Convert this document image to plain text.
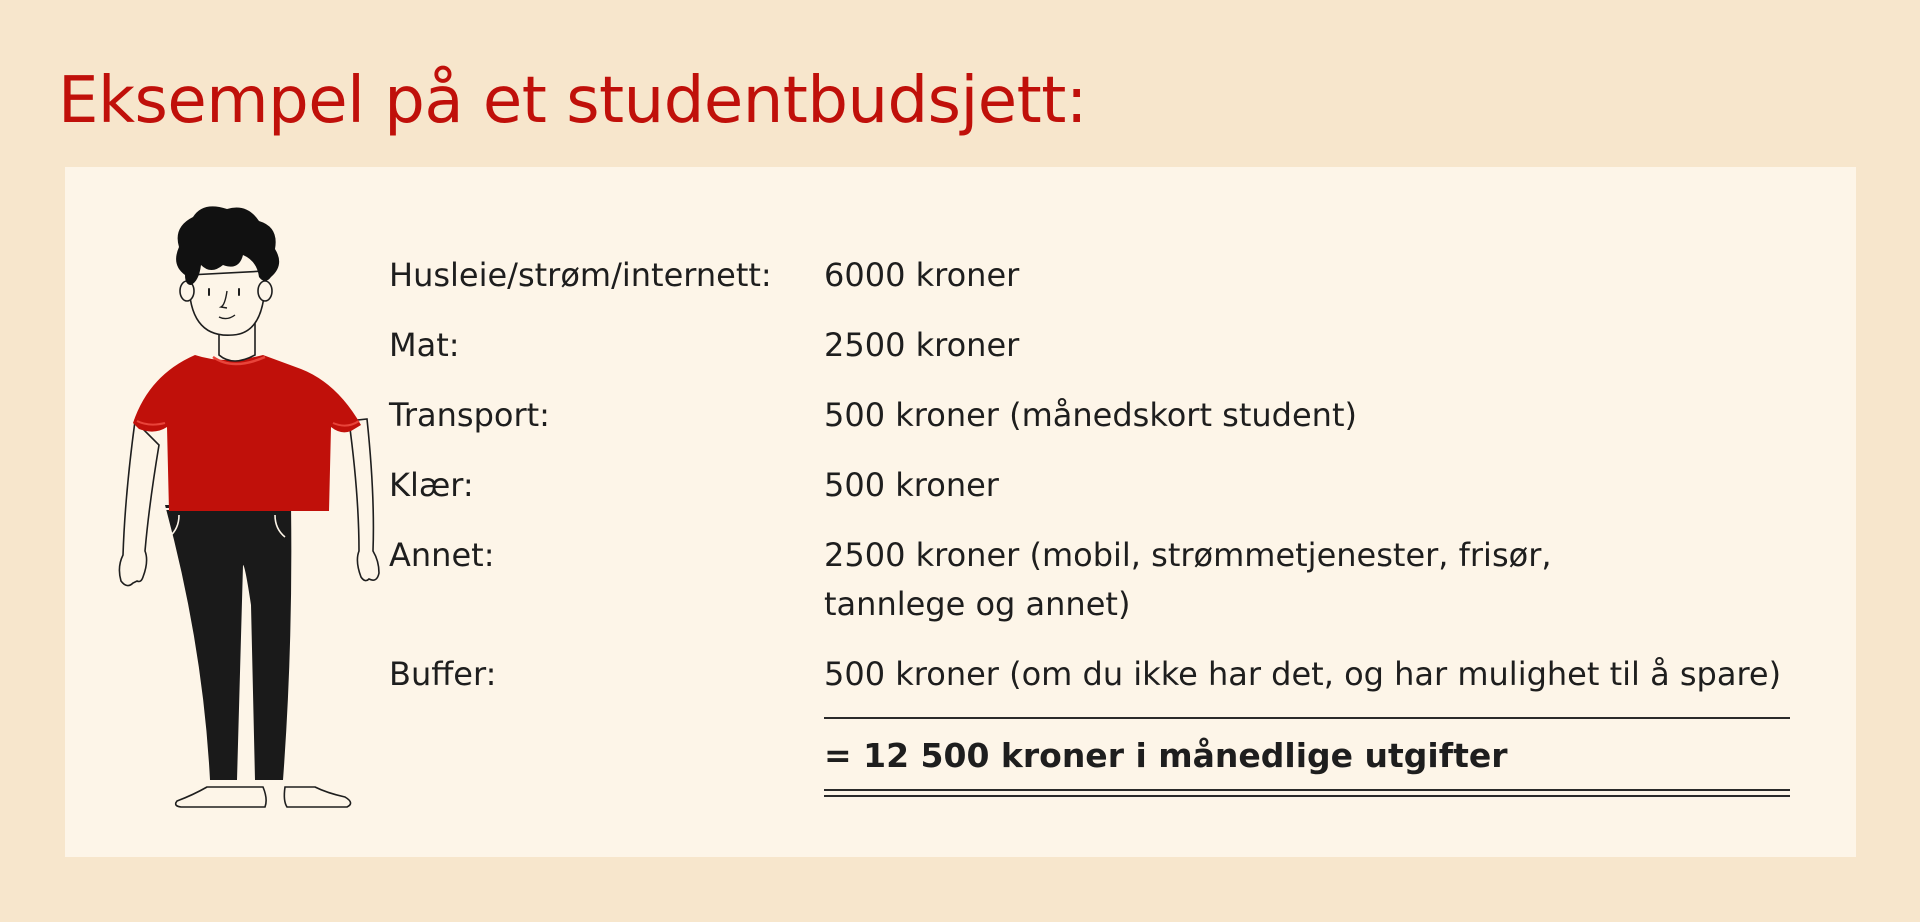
Eksempel på et studentbudsjett:
Husleie/strøm/internett: 6000 kroner
Mat:	2500 kroner
Transport:	500 kroner (månedskort student)
Klær:	500 kroner
Annet:	2500 kroner (mobil, strømmetjenester, frisør,
tannlege og annet)
Buffer:	500 kroner (om du ikke har det, og har mulighet til å spare)
= 12 500 kroner i månedlige utgifter
